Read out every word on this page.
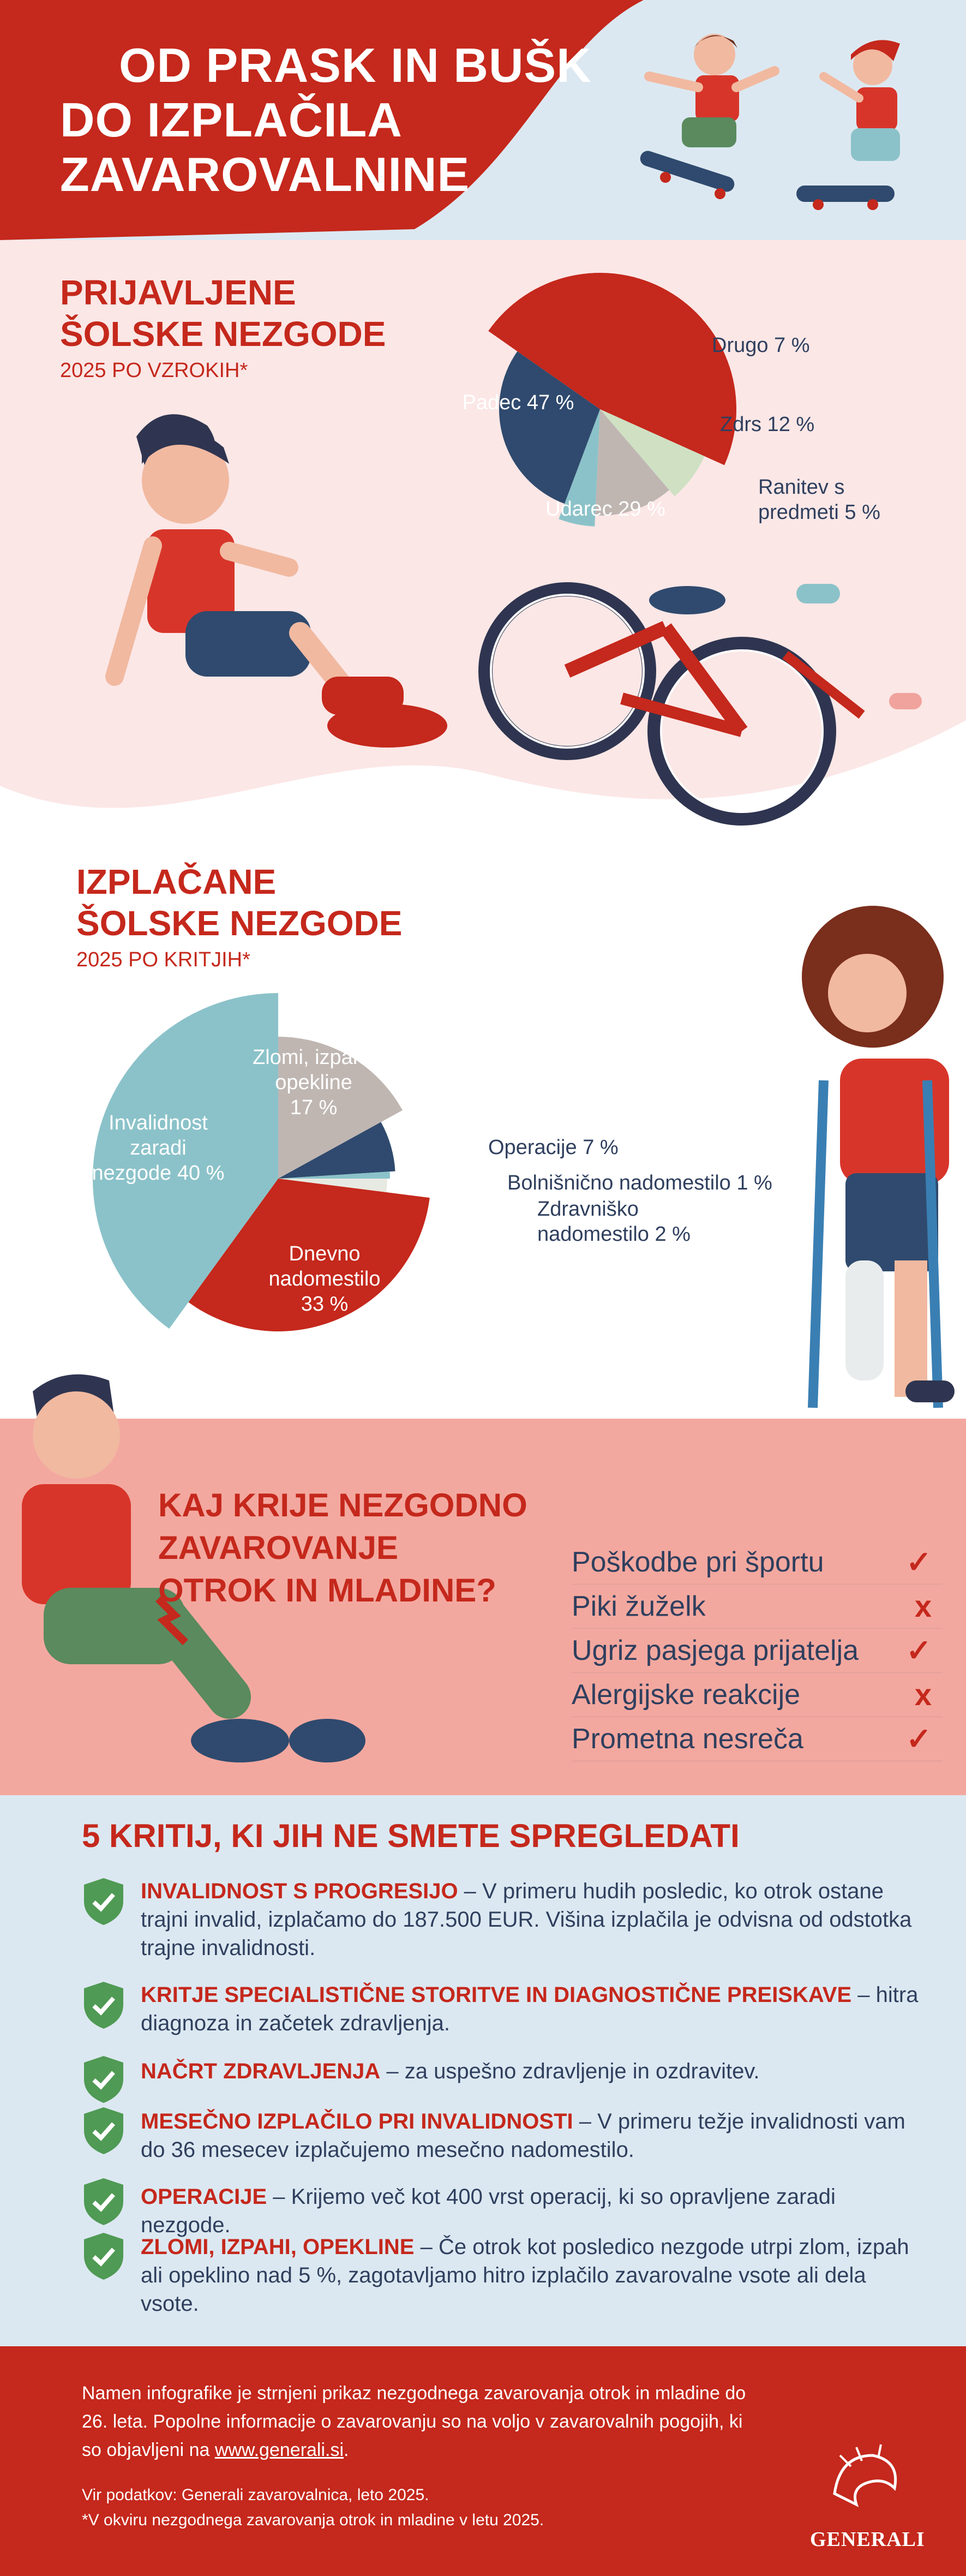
OD PRASK IN BUŠK
DO IZPLAČILA
ZAVAROVALNINE
PRIJAVLJENE
ŠOLSKE NEZGODE
2025 PO VZROKIH*
Padec 47 %
Drugo 7 %
Zdrs 12 %
Ranitev s
predmeti 5 %
Udarec 29 %
IZPLAČANE
ŠOLSKE NEZGODE
2025 PO KRITJIH*
Zlomi, izpahi,
opekline
17 %
Operacije 7 %
Bolnišnično nadomestilo 1 %
Zdravniško
nadomestilo 2 %
Dnevno
nadomestilo
33 %
Invalidnost
zaradi
nezgode 40 %
KAJ KRIJE NEZGODNO
ZAVAROVANJE
OTROK IN MLADINE?
Poškodbe pri športu	✓
Piki žuželk	x
Ugriz pasjega prijatelja ✓
Alergijske reakcije	x
Prometna nesreča	✓
5 KRITIJ, KI JIH NE SMETE SPREGLEDATI
INVALIDNOST S PROGRESIJO – V primeru hudih posledic, ko otrok ostane trajni invalid, izplačamo do 187.500 EUR. Višina izplačila je odvisna od odstotka trajne invalidnosti.
KRITJE SPECIALISTIČNE STORITVE IN DIAGNOSTIČNE PREISKAVE – hitra diagnoza in začetek zdravljenja.
NAČRT ZDRAVLJENJA – za uspešno zdravljenje in ozdravitev.
MESEČNO IZPLAČILO PRI INVALIDNOSTI – V primeru težje invalidnosti vam do 36 mesecev izplačujemo mesečno nadomestilo.
OPERACIJE – Krijemo več kot 400 vrst operacij, ki so opravljene zaradi nezgode.
ZLOMI, IZPAHI, OPEKLINE – Če otrok kot posledico nezgode utrpi zlom, izpah ali opeklino nad 5 %, zagotavljamo hitro izplačilo zavarovalne vsote ali dela vsote.
Namen infografike je strnjeni prikaz nezgodnega zavarovanja otrok in mladine do 26. leta. Popolne informacije o zavarovanju so na voljo v zavarovalnih pogojih, ki so objavljeni na www.generali.si.
Vir podatkov: Generali zavarovalnica, leto 2025.
*V okviru nezgodnega zavarovanja otrok in mladine v letu 2025.
GENERALI
